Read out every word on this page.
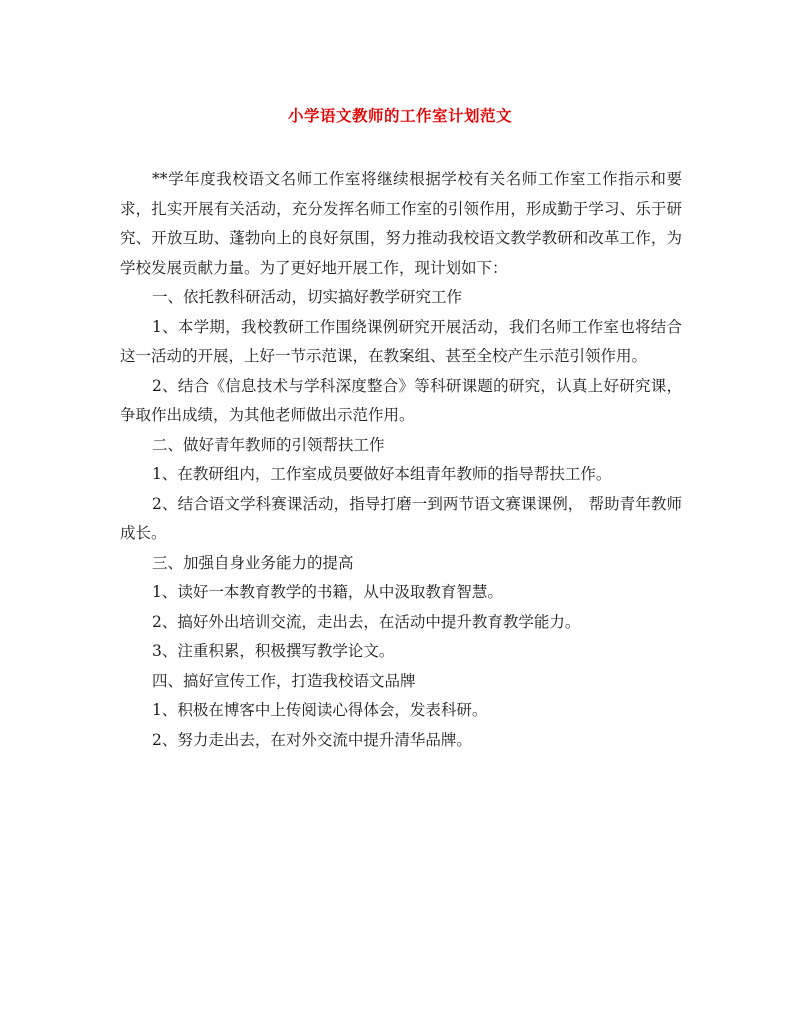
小学语文教师的工作室计划范文

**学年度我校语文名师工作室将继续根据学校有关名师工作室工作指示和要求，扎实开展有关活动，充分发挥名师工作室的引领作用，形成勤于学习、乐于研究、开放互助、蓬勃向上的良好氛围，努力推动我校语文教学教研和改革工作，为学校发展贡献力量。为了更好地开展工作，现计划如下：

一、依托教科研活动，切实搞好教学研究工作

1、本学期，我校教研工作围绕课例研究开展活动，我们名师工作室也将结合这一活动的开展，上好一节示范课，在教案组、甚至全校产生示范引领作用。

2、结合《信息技术与学科深度整合》等科研课题的研究，认真上好研究课，争取作出成绩，为其他老师做出示范作用。

二、做好青年教师的引领帮扶工作

1、在教研组内，工作室成员要做好本组青年教师的指导帮扶工作。

2、结合语文学科赛课活动，指导打磨一到两节语文赛课课例， 帮助青年教师成长。

三、加强自身业务能力的提高

1、读好一本教育教学的书籍，从中汲取教育智慧。

2、搞好外出培训交流，走出去，在活动中提升教育教学能力。

3、注重积累，积极撰写教学论文。

四、搞好宣传工作，打造我校语文品牌

1、积极在博客中上传阅读心得体会，发表科研。

2、努力走出去，在对外交流中提升清华品牌。
